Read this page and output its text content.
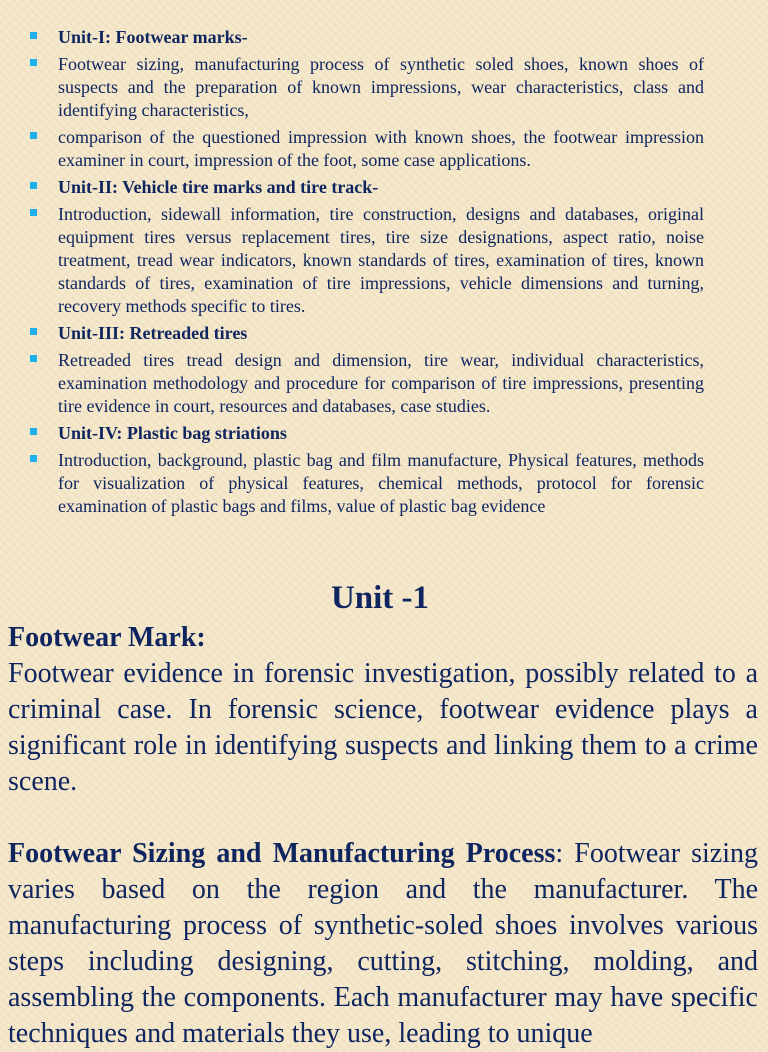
Unit-I: Footwear marks-
Footwear sizing, manufacturing process of synthetic soled shoes, known shoes of suspects and the preparation of known impressions, wear characteristics, class and identifying characteristics,
comparison of the questioned impression with known shoes, the footwear impression examiner in court, impression of the foot, some case applications.
Unit-II: Vehicle tire marks and tire track-
Introduction, sidewall information, tire construction, designs and databases, original equipment tires versus replacement tires, tire size designations, aspect ratio, noise treatment, tread wear indicators, known standards of tires, examination of tires, known standards of tires, examination of tire impressions, vehicle dimensions and turning, recovery methods specific to tires.
Unit-III: Retreaded tires
Retreaded tires tread design and dimension, tire wear, individual characteristics, examination methodology and procedure for comparison of tire impressions, presenting tire evidence in court, resources and databases, case studies.
Unit-IV: Plastic bag striations
Introduction, background, plastic bag and film manufacture, Physical features, methods for visualization of physical features, chemical methods, protocol for forensic examination of plastic bags and films, value of plastic bag evidence
Unit -1
Footwear Mark:

Footwear evidence in forensic investigation, possibly related to a criminal case. In forensic science, footwear evidence plays a significant role in identifying suspects and linking them to a crime scene.

Footwear Sizing and Manufacturing Process: Footwear sizing varies based on the region and the manufacturer. The manufacturing process of synthetic-soled shoes involves various steps including designing, cutting, stitching, molding, and assembling the components. Each manufacturer may have specific techniques and materials they use, leading to unique
